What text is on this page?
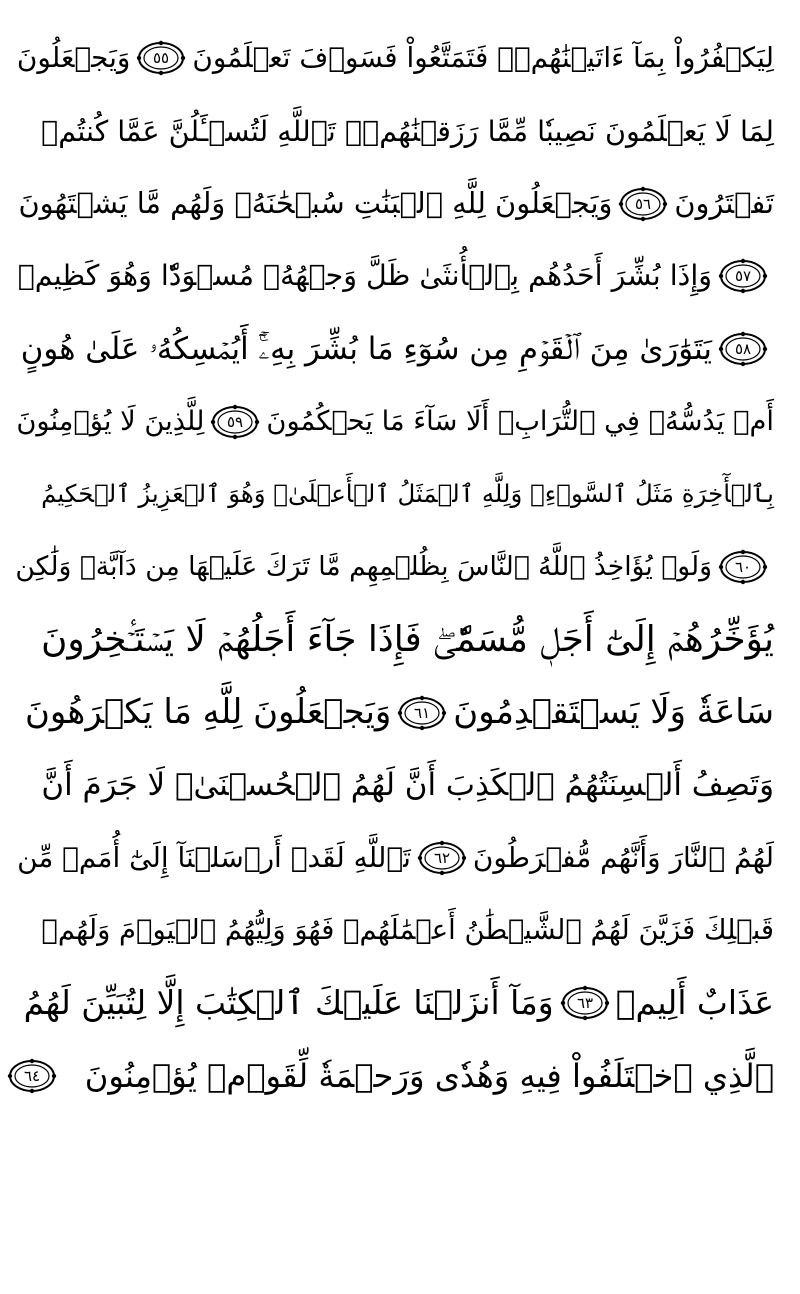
لِيَكۡفُرُواْ بِمَآ ءَاتَيۡنَٰهُمۡۚ فَتَمَتَّعُواْ فَسَوۡفَ تَعۡلَمُونَ
٥٥
وَيَجۡعَلُونَ
لِمَا لَا يَعۡلَمُونَ نَصِيبٗا مِّمَّا رَزَقۡنَٰهُمۡۗ تَٱللَّهِ لَتُسۡـَٔلُنَّ عَمَّا كُنتُمۡ
تَفۡتَرُونَ
٥٦
وَيَجۡعَلُونَ لِلَّهِ ٱلۡبَنَٰتِ سُبۡحَٰنَهُۥ وَلَهُم مَّا يَشۡتَهُونَ
٥٧
وَإِذَا بُشِّرَ أَحَدُهُم بِٱلۡأُنثَىٰ ظَلَّ وَجۡهُهُۥ مُسۡوَدّٗا وَهُوَ كَظِيمٞ
٥٨
يَتَوَٰرَىٰ مِنَ ٱلۡقَوۡمِ مِن سُوٓءِ مَا بُشِّرَ بِهِۦٓۚ أَيُمۡسِكُهُۥ عَلَىٰ هُونٍ
أَمۡ يَدُسُّهُۥ فِي ٱلتُّرَابِۗ أَلَا سَآءَ مَا يَحۡكُمُونَ
٥٩
لِلَّذِينَ لَا يُؤۡمِنُونَ
بِٱلۡأٓخِرَةِ مَثَلُ ٱلسَّوۡءِۖ وَلِلَّهِ ٱلۡمَثَلُ ٱلۡأَعۡلَىٰۚ وَهُوَ ٱلۡعَزِيزُ ٱلۡحَكِيمُ
٦٠
وَلَوۡ يُؤَاخِذُ ٱللَّهُ ٱلنَّاسَ بِظُلۡمِهِم مَّا تَرَكَ عَلَيۡهَا مِن دَآبَّةٖ وَلَٰكِن
يُؤَخِّرُهُمۡ إِلَىٰٓ أَجَلٖ مُّسَمّٗىۖ فَإِذَا جَآءَ أَجَلُهُمۡ لَا يَسۡتَـٔۡخِرُونَ
سَاعَةٗ وَلَا يَسۡتَقۡدِمُونَ
٦١
وَيَجۡعَلُونَ لِلَّهِ مَا يَكۡرَهُونَ
وَتَصِفُ أَلۡسِنَتُهُمُ ٱلۡكَذِبَ أَنَّ لَهُمُ ٱلۡحُسۡنَىٰۖ لَا جَرَمَ أَنَّ
لَهُمُ ٱلنَّارَ وَأَنَّهُم مُّفۡرَطُونَ
٦٢
تَٱللَّهِ لَقَدۡ أَرۡسَلۡنَآ إِلَىٰٓ أُمَمٖ مِّن
قَبۡلِكَ فَزَيَّنَ لَهُمُ ٱلشَّيۡطَٰنُ أَعۡمَٰلَهُمۡ فَهُوَ وَلِيُّهُمُ ٱلۡيَوۡمَ وَلَهُمۡ
عَذَابٌ أَلِيمٞ
٦٣
وَمَآ أَنزَلۡنَا عَلَيۡكَ ٱلۡكِتَٰبَ إِلَّا لِتُبَيِّنَ لَهُمُ
ٱلَّذِي ٱخۡتَلَفُواْ فِيهِ وَهُدٗى وَرَحۡمَةٗ لِّقَوۡمٖ يُؤۡمِنُونَ
٦٤
